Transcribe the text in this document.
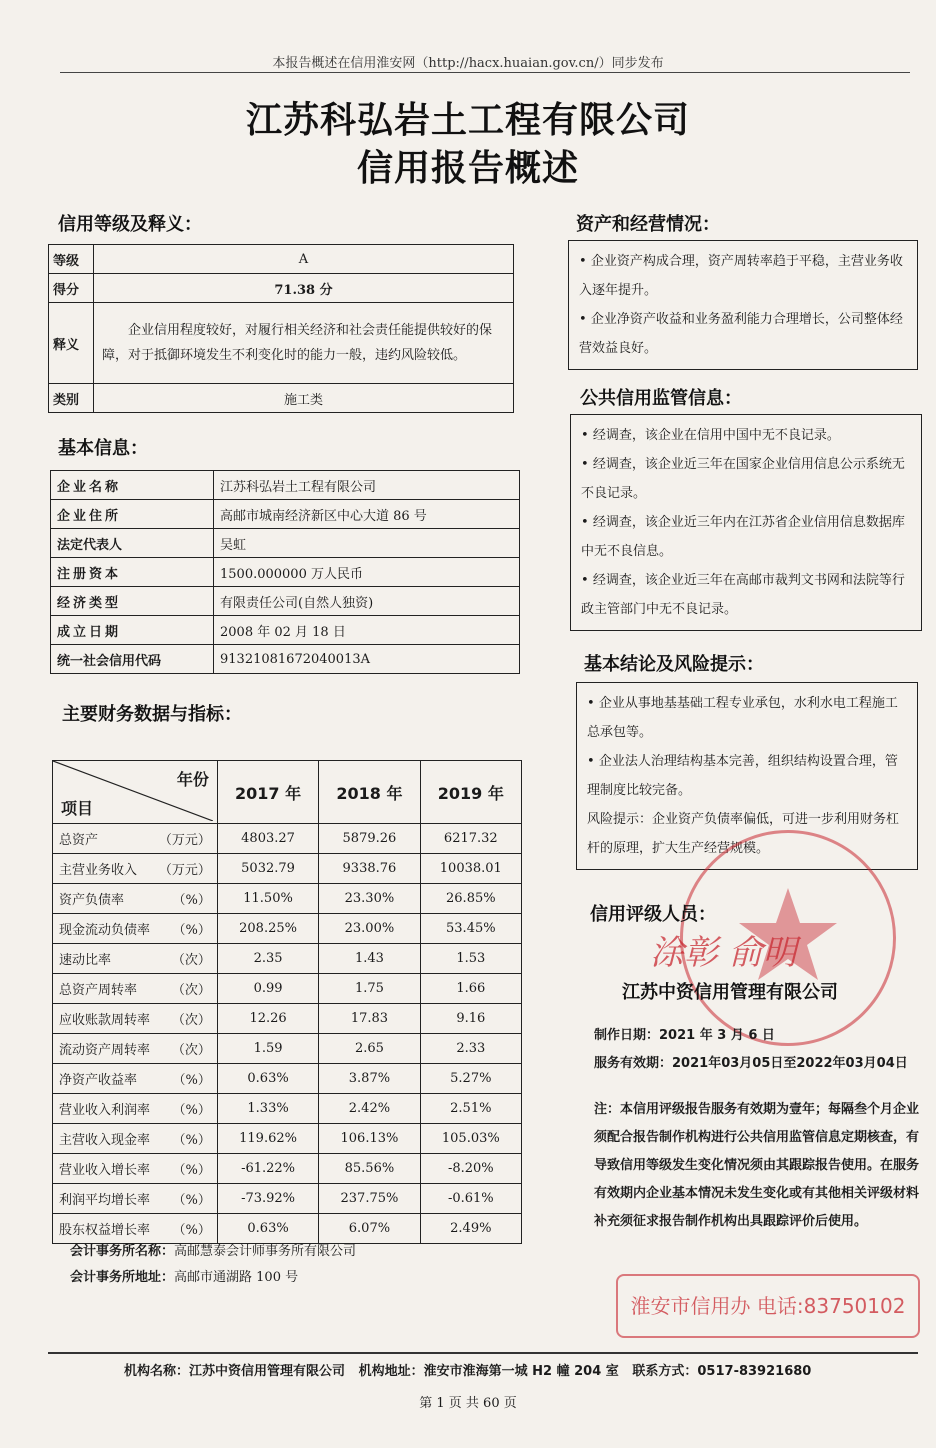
本报告概述在信用淮安网（http://hacx.huaian.gov.cn/）同步发布
江苏科弘岩土工程有限公司
信用报告概述
信用等级及释义：
等级	A
得分	71.38 分
释义	企业信用程度较好，对履行相关经济和社会责任能提供较好的保障，对于抵御环境发生不利变化时的能力一般，违约风险较低。
类别	施工类
基本信息：
企业名称	江苏科弘岩土工程有限公司
企业住所	高邮市城南经济新区中心大道 86 号
法定代表人	吴虹
注册资本	1500.000000 万人民币
经济类型	有限责任公司(自然人独资)
成立日期	2008 年 02 月 18 日
统一社会信用代码	91321081672040013A
主要财务数据与指标：
年份
项目	2017 年	2018 年	2019 年
总资产 （万元）	4803.27	5879.26	6217.32
主营业务收入 （万元）	5032.79	9338.76	10038.01
资产负债率 （%）	11.50%	23.30%	26.85%
现金流动负债率 （%）	208.25%	23.00%	53.45%
速动比率 （次）	2.35	1.43	1.53
总资产周转率 （次）	0.99	1.75	1.66
应收账款周转率 （次）	12.26	17.83	9.16
流动资产周转率 （次）	1.59	2.65	2.33
净资产收益率 （%）	0.63%	3.87%	5.27%
营业收入利润率 （%）	1.33%	2.42%	2.51%
主营收入现金率 （%）	119.62%	106.13%	105.03%
营业收入增长率 （%）	-61.22%	85.56%	-8.20%
利润平均增长率 （%）	-73.92%	237.75%	-0.61%
股东权益增长率 （%）	0.63%	6.07%	2.49%
会计事务所名称：高邮慧泰会计师事务所有限公司
会计事务所地址：高邮市通湖路 100 号
资产和经营情况：

• 企业资产构成合理，资产周转率趋于平稳，主营业务收入逐年提升。

• 企业净资产收益和业务盈利能力合理增长，公司整体经营效益良好。

公共信用监管信息：

• 经调查，该企业在信用中国中无不良记录。

• 经调查，该企业近三年在国家企业信用信息公示系统无不良记录。

• 经调查，该企业近三年内在江苏省企业信用信息数据库中无不良信息。

• 经调查，该企业近三年在高邮市裁判文书网和法院等行政主管部门中无不良记录。

基本结论及风险提示：

• 企业从事地基基础工程专业承包，水利水电工程施工总承包等。

• 企业法人治理结构基本完善，组织结构设置合理，管理制度比较完备。

风险提示：企业资产负债率偏低，可进一步利用财务杠杆的原理，扩大生产经营规模。

信用评级人员：
涂彰 俞明
江苏中资信用管理有限公司
制作日期：2021 年 3 月 6 日
服务有效期：2021年03月05日至2022年03月04日
注：本信用评级报告服务有效期为壹年；每隔叁个月企业须配合报告制作机构进行公共信用监管信息定期核查，有导致信用等级发生变化情况须由其跟踪报告使用。在服务有效期内企业基本情况未发生变化或有其他相关评级材料补充须征求报告制作机构出具跟踪评价后使用。
淮安市信用办 电话:83750102
机构名称：江苏中资信用管理有限公司 机构地址：淮安市淮海第一城 H2 幢 204 室 联系方式：0517-83921680
第 1 页 共 60 页
